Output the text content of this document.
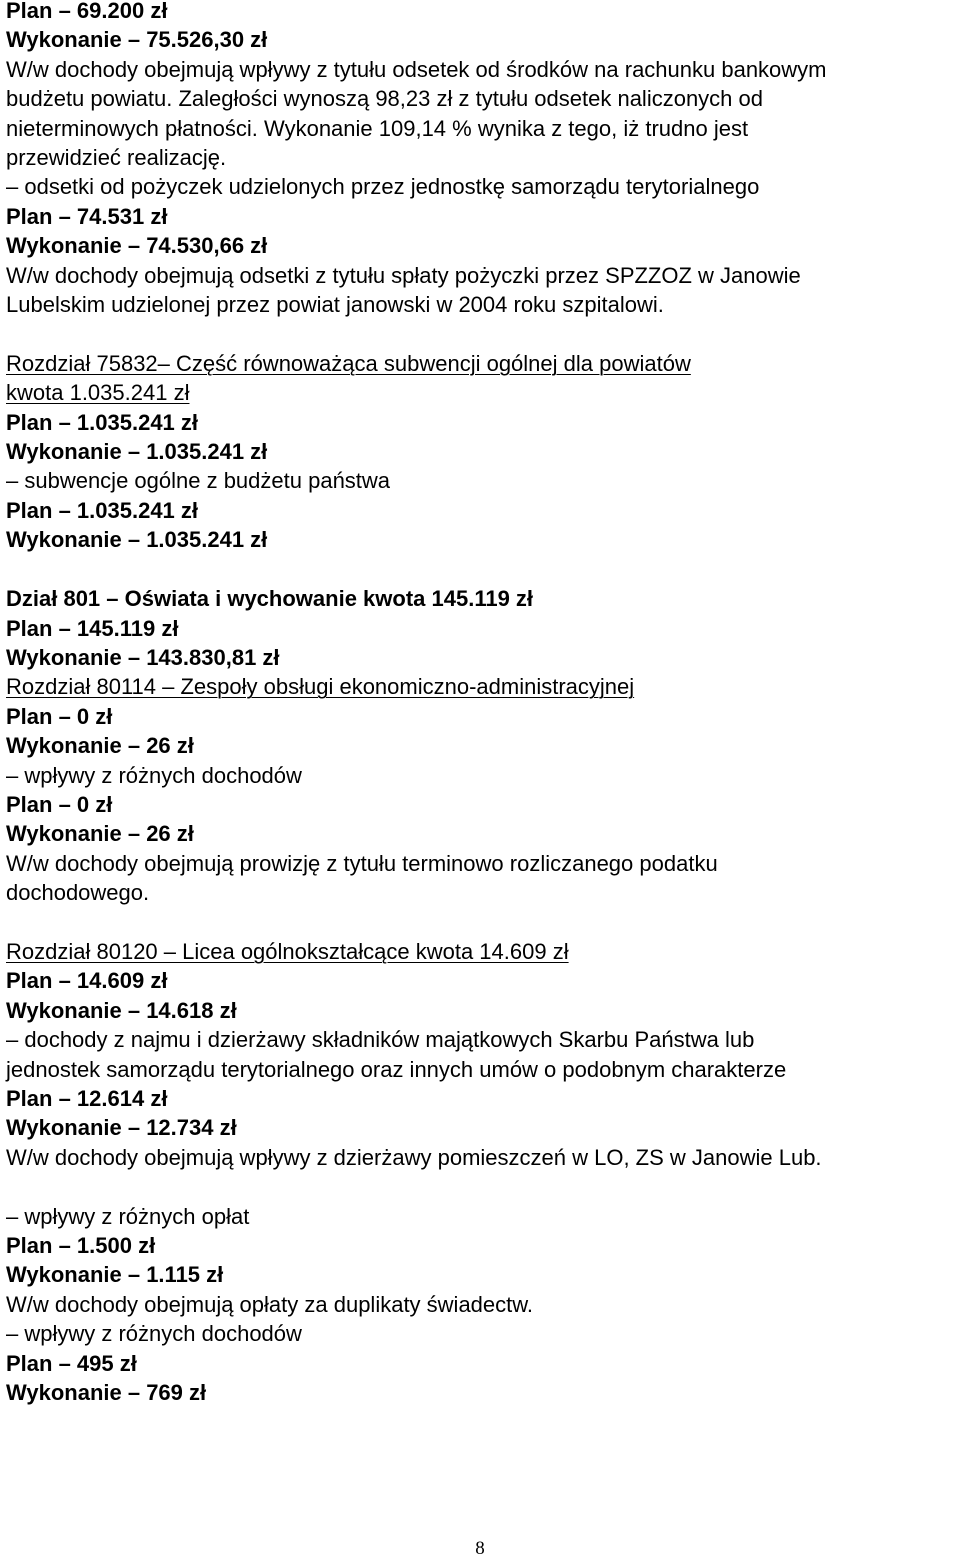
Plan – 69.200 zł
Wykonanie – 75.526,30 zł
W/w dochody obejmują wpływy z tytułu odsetek od środków na rachunku bankowym
budżetu powiatu. Zaległości wynoszą 98,23 zł z tytułu odsetek naliczonych od
nieterminowych płatności. Wykonanie 109,14 % wynika z tego, iż trudno jest
przewidzieć realizację.
– odsetki od pożyczek udzielonych przez jednostkę samorządu terytorialnego
Plan – 74.531 zł
Wykonanie – 74.530,66 zł
W/w dochody obejmują odsetki z tytułu spłaty pożyczki przez SPZZOZ w Janowie
Lubelskim udzielonej przez powiat janowski w 2004 roku szpitalowi.
Rozdział 75832– Część równoważąca subwencji ogólnej dla powiatów
kwota 1.035.241 zł
Plan – 1.035.241 zł
Wykonanie – 1.035.241 zł
– subwencje ogólne z budżetu państwa
Plan – 1.035.241 zł
Wykonanie – 1.035.241 zł
Dział 801 – Oświata i wychowanie kwota 145.119 zł
Plan – 145.119 zł
Wykonanie – 143.830,81 zł
Rozdział 80114 – Zespoły obsługi ekonomiczno-administracyjnej
Plan – 0 zł
Wykonanie – 26 zł
– wpływy z różnych dochodów
Plan – 0 zł
Wykonanie – 26 zł
W/w dochody obejmują prowizję z tytułu terminowo rozliczanego podatku
dochodowego.
Rozdział 80120 – Licea ogólnokształcące kwota 14.609 zł
Plan – 14.609 zł
Wykonanie – 14.618 zł
– dochody z najmu i dzierżawy składników majątkowych Skarbu Państwa lub
jednostek samorządu terytorialnego oraz innych umów o podobnym charakterze
Plan – 12.614 zł
Wykonanie – 12.734 zł
W/w dochody obejmują wpływy z dzierżawy pomieszczeń w LO, ZS w Janowie Lub.
– wpływy z różnych opłat
Plan – 1.500 zł
Wykonanie – 1.115 zł
W/w dochody obejmują opłaty za duplikaty świadectw.
– wpływy z różnych dochodów
Plan – 495 zł
Wykonanie – 769 zł
8
